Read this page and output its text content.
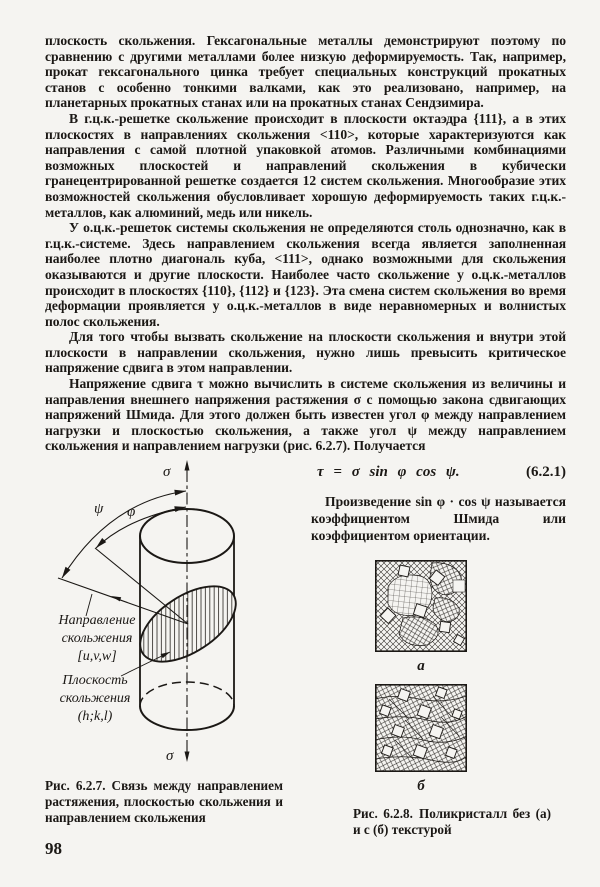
плоскость скольжения. Гексагональные металлы демонстрируют поэтому по сравнению с другими металлами более низкую деформируемость. Так, например, прокат гексагонального цинка требует специальных конструкций прокатных станов с особенно тонкими валками, как это реализовано, например, на планетарных прокатных станах или на прокатных станах Сендзимира.

В г.ц.к.-решетке скольжение происходит в плоскости октаэдра {111}, а в этих плоскостях в направлениях скольжения <110>, которые характеризуются как направления с самой плотной упаковкой атомов. Различными комбинациями возможных плоскостей и направлений скольжения в кубически гранецентрированной решетке создается 12 систем скольжения. Многообразие этих возможностей скольжения обусловливает хорошую деформируемость таких г.ц.к.-металлов, как алюминий, медь или никель.

У о.ц.к.-решеток системы скольжения не определяются столь однозначно, как в г.ц.к.-системе. Здесь направлением скольжения всегда является заполненная наиболее плотно диагональ куба, <111>, однако возможными для скольжения оказываются и другие плоскости. Наиболее часто скольжение у о.ц.к.-металлов происходит в плоскостях {110}, {112} и {123}. Эта смена систем скольжения во время деформации проявляется у о.ц.к.-металлов в виде неравномерных и волнистых полос скольжения.

Для того чтобы вызвать скольжение на плоскости скольжения и внутри этой плоскости в направлении скольжения, нужно лишь превысить критическое напряжение сдвига в этом направлении.

Напряжение сдвига τ можно вычислить в системе скольжения из величины и направления внешнего напряжения растяжения σ с помощью закона сдвигающих напряжений Шмида. Для этого должен быть известен угол φ между направлением нагрузки и плоскостью скольжения, а также угол ψ между направлением скольжения и направлением нагрузки (рис. 6.2.7). Получается

σ
σ
ψ φ
Направление
скольжения
[u,v,w]
Плоскость
скольжения
(h;k,l)

Рис. 6.2.7. Связь между направлением растяжения, плоскостью скольжения и направлением скольжения

98
τ = σ sin φ cos ψ.	(6.2.1)

Произведение sin φ · cos ψ называется коэффициентом Шмида или коэффициентом ориентации.

а
б

Рис. 6.2.8. Поликристалл без (а) и с (б) текстурой
